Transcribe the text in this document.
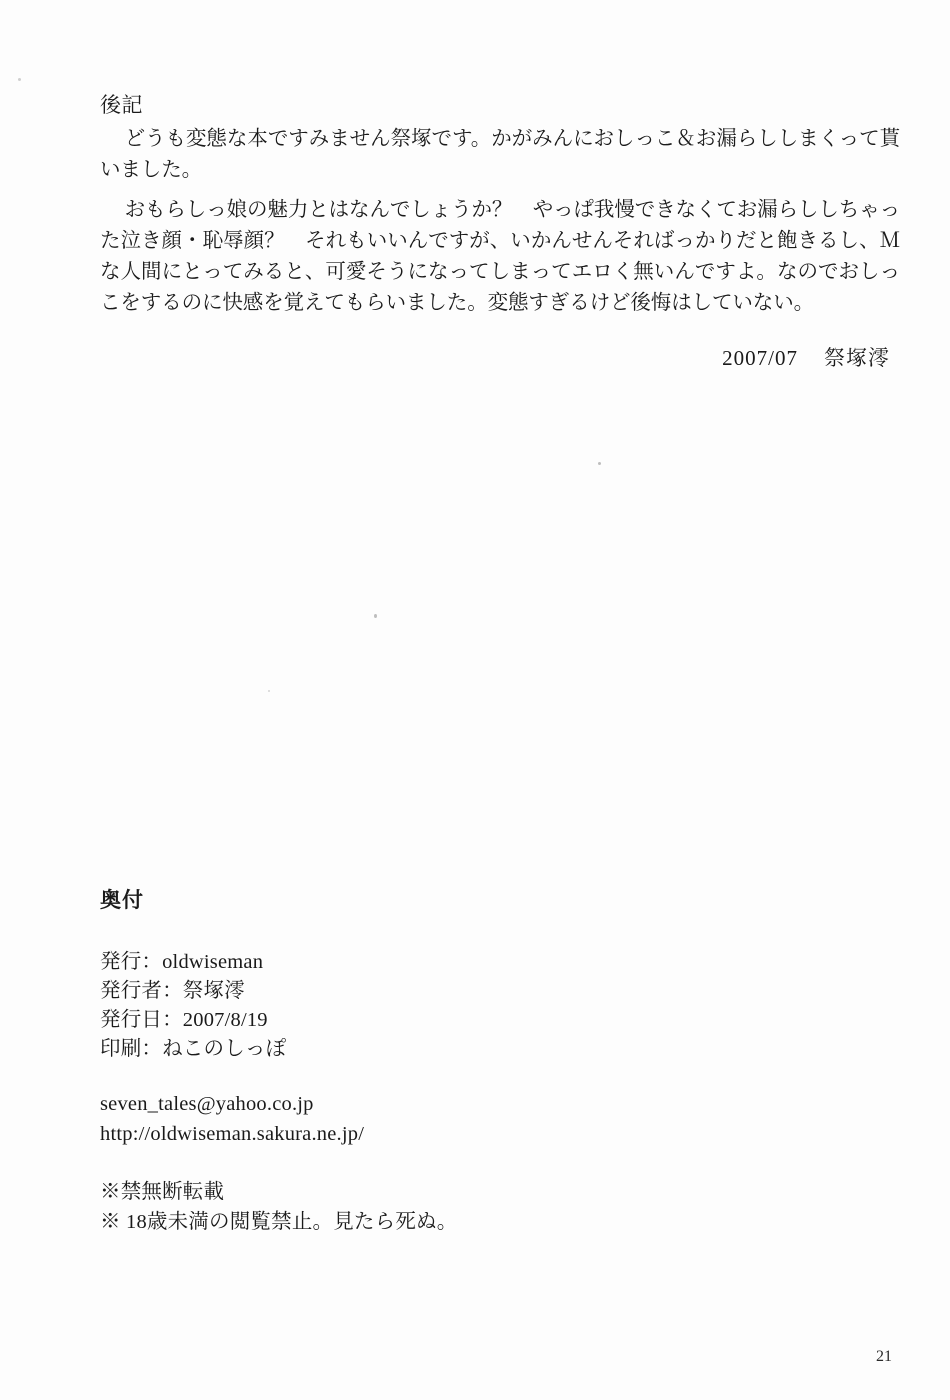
後記

どうも変態な本ですみません祭塚です。かがみんにおしっこ＆お漏らししまくって貰いました。

おもらしっ娘の魅力とはなんでしょうか？　やっぱ我慢できなくてお漏らししちゃった泣き顔・恥辱顔？　それもいいんですが、いかんせんそればっかりだと飽きるし、Ｍな人間にとってみると、可愛そうになってしまってエロく無いんですよ。なのでおしっこをするのに快感を覚えてもらいました。変態すぎるけど後悔はしていない。

2007/07 祭塚澪
奥付

発行：oldwiseman

発行者：祭塚澪

発行日：2007/8/19

印刷：ねこのしっぽ

seven_tales@yahoo.co.jp

http://oldwiseman.sakura.ne.jp/

※禁無断転載

※ 18歳未満の閲覧禁止。見たら死ぬ。

21
